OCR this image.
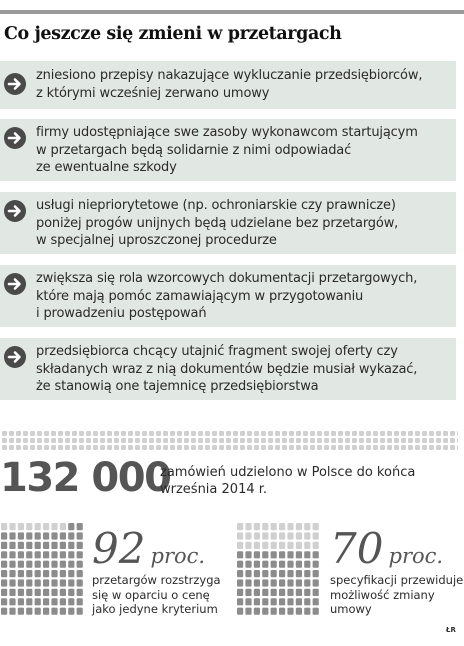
Co jeszcze się zmieni w przetargach
zniesiono przepisy nakazujące wykluczanie przedsiębiorców,
z którymi wcześniej zerwano umowy
firmy udostępniające swe zasoby wykonawcom startującym
w przetargach będą solidarnie z nimi odpowiadać
ze ewentualne szkody
usługi niepriorytetowe (np. ochroniarskie czy prawnicze)
poniżej progów unijnych będą udzielane bez przetargów,
w specjalnej uproszczonej procedurze
zwiększa się rola wzorcowych dokumentacji przetargowych,
które mają pomóc zamawiającym w przygotowaniu
i prowadzeniu postępowań
przedsiębiorca chcący utajnić fragment swojej oferty czy
składanych wraz z nią dokumentów będzie musiał wykazać,
że stanowią one tajemnicę przedsiębiorstwa
132 000
zamówień udzielono w Polsce do końca
września 2014 r.
92 proc.
przetargów rozstrzyga
się w oparciu o cenę
jako jedyne kryterium
70 proc.
specyfikacji przewiduje
możliwość zmiany
umowy
ŁR
